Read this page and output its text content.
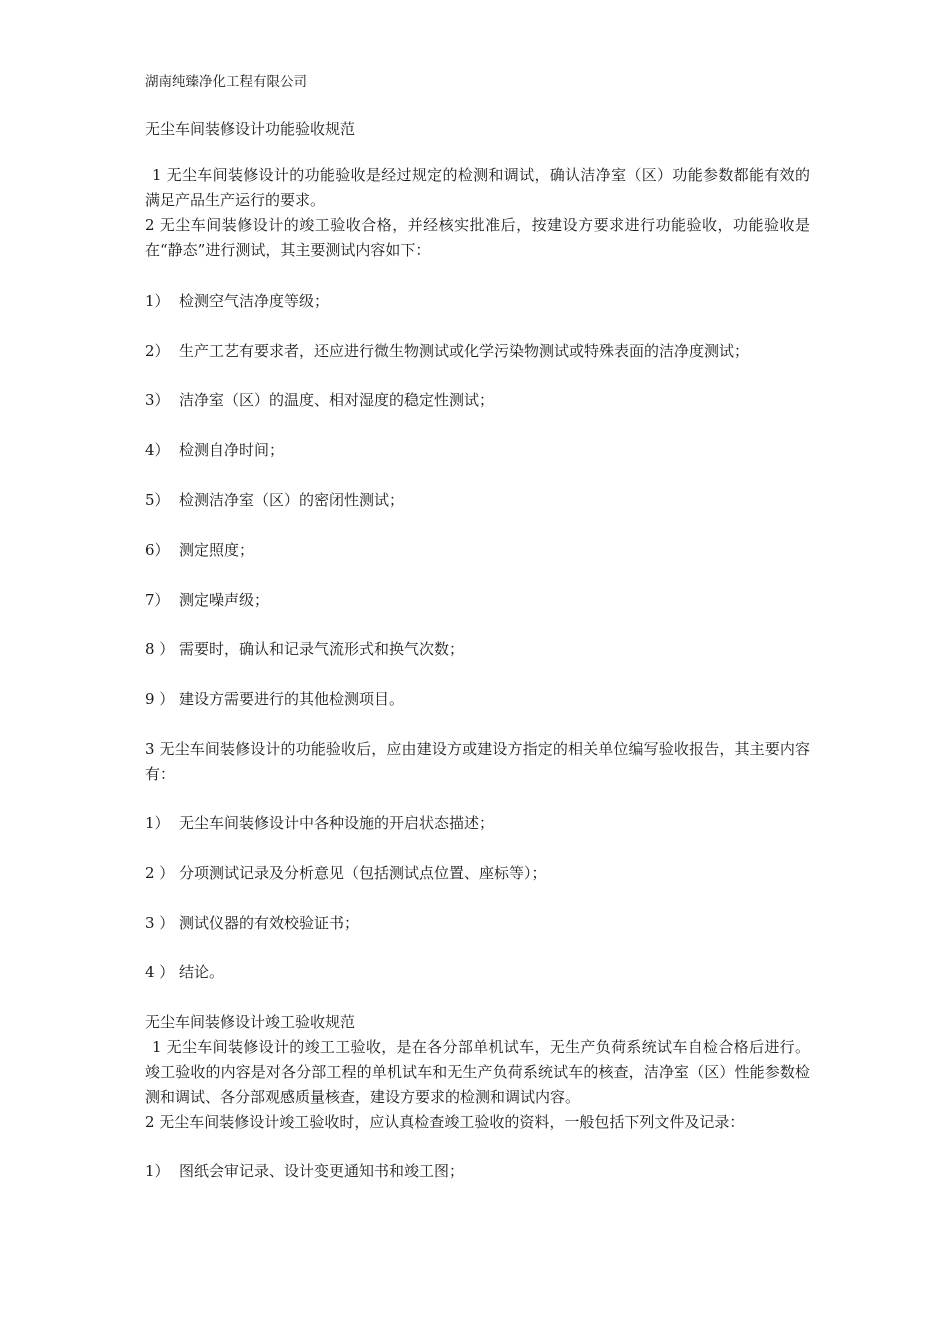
湖南纯臻净化工程有限公司
无尘车间装修设计功能验收规范
1 无尘车间装修设计的功能验收是经过规定的检测和调试，确认洁净室（区）功能参数都能有效的满足产品生产运行的要求。
2 无尘车间装修设计的竣工验收合格，并经核实批准后，按建设方要求进行功能验收，功能验收是在“静态”进行测试，其主要测试内容如下：
1） 检测空气洁净度等级；
2） 生产工艺有要求者，还应进行微生物测试或化学污染物测试或特殊表面的洁净度测试；
3） 洁净室（区）的温度、相对湿度的稳定性测试；
4） 检测自净时间；
5） 检测洁净室（区）的密闭性测试；
6） 测定照度；
7） 测定噪声级；
8 ） 需要时，确认和记录气流形式和换气次数；
9 ） 建设方需要进行的其他检测项目。
3 无尘车间装修设计的功能验收后，应由建设方或建设方指定的相关单位编写验收报告，其主要内容有：
1） 无尘车间装修设计中各种设施的开启状态描述；
2 ） 分项测试记录及分析意见（包括测试点位置、座标等）；
3 ） 测试仪器的有效校验证书；
4 ） 结论。
无尘车间装修设计竣工验收规范
1 无尘车间装修设计的竣工工验收，是在各分部单机试车，无生产负荷系统试车自检合格后进行。竣工验收的内容是对各分部工程的单机试车和无生产负荷系统试车的核查，洁净室（区）性能参数检测和调试、各分部观感质量核查，建设方要求的检测和调试内容。
2 无尘车间装修设计竣工验收时，应认真检查竣工验收的资料，一般包括下列文件及记录：
1） 图纸会审记录、设计变更通知书和竣工图；
